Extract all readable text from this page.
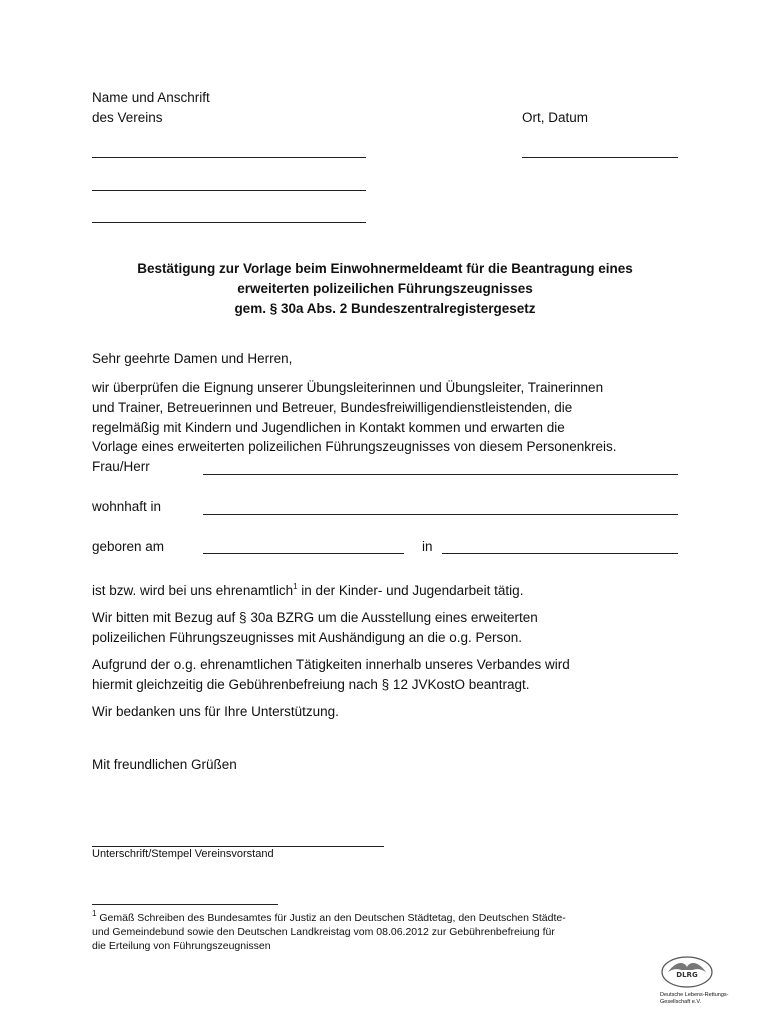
Name und Anschrift
des Vereins	Ort, Datum
Bestätigung zur Vorlage beim Einwohnermeldeamt für die Beantragung eines
erweiterten polizeilichen Führungszeugnisses
gem. § 30a Abs. 2 Bundeszentralregistergesetz
Sehr geehrte Damen und Herren,
wir überprüfen die Eignung unserer Übungsleiterinnen und Übungsleiter, Trainerinnen
und Trainer, Betreuerinnen und Betreuer, Bundesfreiwilligendienstleistenden, die
regelmäßig mit Kindern und Jugendlichen in Kontakt kommen und erwarten die
Vorlage eines erweiterten polizeilichen Führungszeugnisses von diesem Personenkreis.
Frau/Herr
wohnhaft in
geboren am	in
ist bzw. wird bei uns ehrenamtlich$^1$ in der Kinder- und Jugendarbeit tätig.
Wir bitten mit Bezug auf § 30a BZRG um die Ausstellung eines erweiterten
polizeilichen Führungszeugnisses mit Aushändigung an die o.g. Person.
Aufgrund der o.g. ehrenamtlichen Tätigkeiten innerhalb unseres Verbandes wird
hiermit gleichzeitig die Gebührenbefreiung nach § 12 JVKostO beantragt.
Wir bedanken uns für Ihre Unterstützung.
Mit freundlichen Grüßen
Unterschrift/Stempel Vereinsvorstand
$^1$ Gemäß Schreiben des Bundesamtes für Justiz an den Deutschen Städtetag, den Deutschen Städte-
und Gemeindebund sowie den Deutschen Landkreistag vom 08.06.2012 zur Gebührenbefreiung für
die Erteilung von Führungszeugnissen
DLRG
Deutsche Lebens-Rettungs-
Gesellschaft e.V.
